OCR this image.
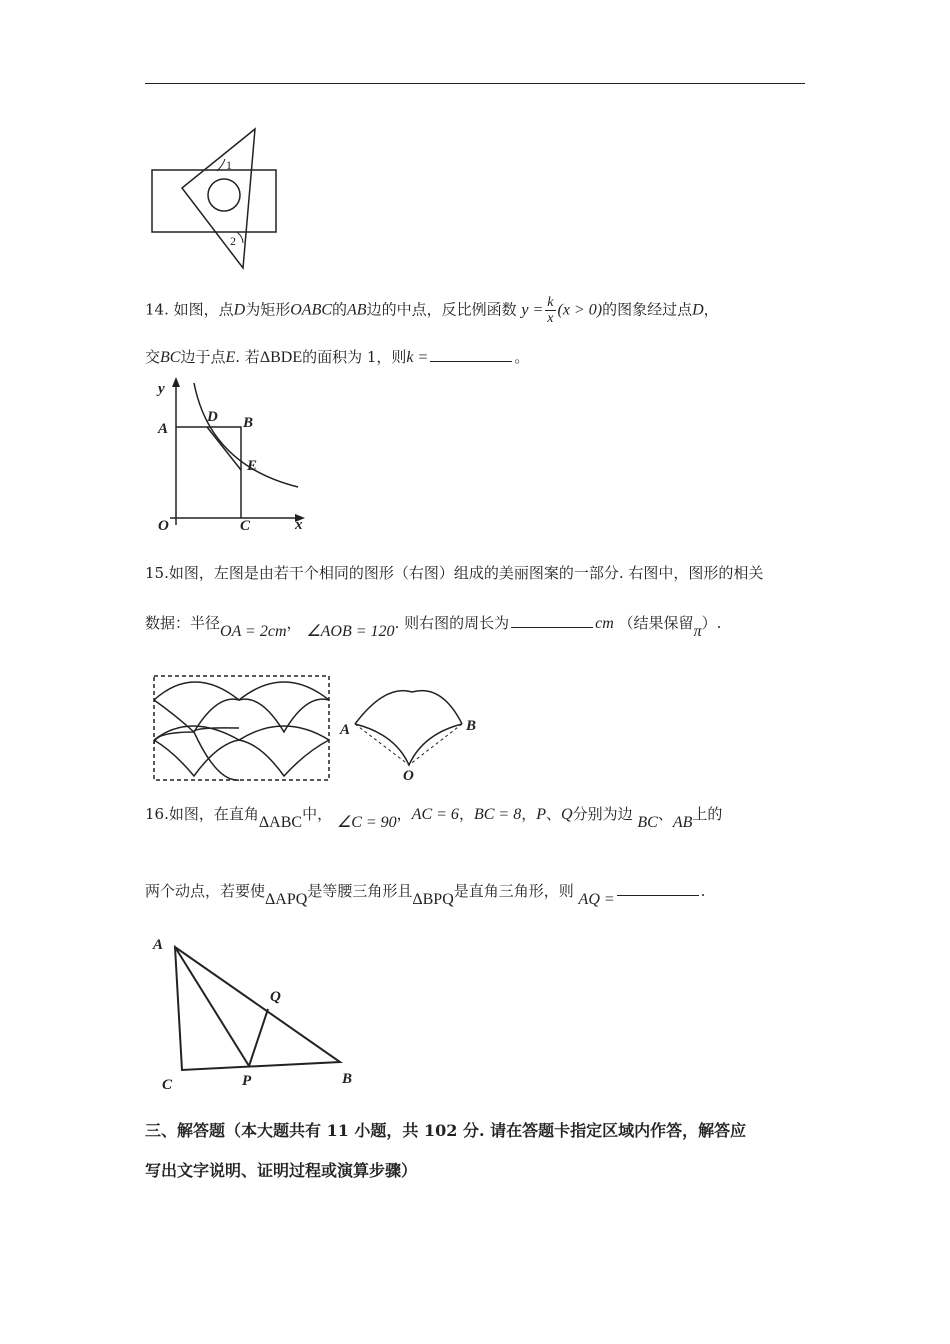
1
2
14. 如图，点D为矩形OABC的AB边的中点，反比例函数 $y = \frac{k}{x} (x > 0)$的图象经过点D，
交BC边于点E. 若ΔBDE的面积为 1，则k =	。
y
x
O
A	B
C
D
E
15.如图，左图是由若干个相同的图形（右图）组成的美丽图案的一部分. 右图中，图形的相关
数据：半径OA = 2cm， ∠AOB = 120. 则右图的周长为	cm （结果保留π）.
A	B
O
16.如图，在直角ΔABC中， ∠C = 90，AC = 6，BC = 8，P、Q分别为边 BC、AB上的
两个动点，若要使ΔAPQ是等腰三角形且ΔBPQ是直角三角形，则 AQ =	.
A
Q
C	P	B
三、解答题（本大题共有 11 小题，共 102 分. 请在答题卡指定区域内作答，解答应
写出文字说明、证明过程或演算步骤）
